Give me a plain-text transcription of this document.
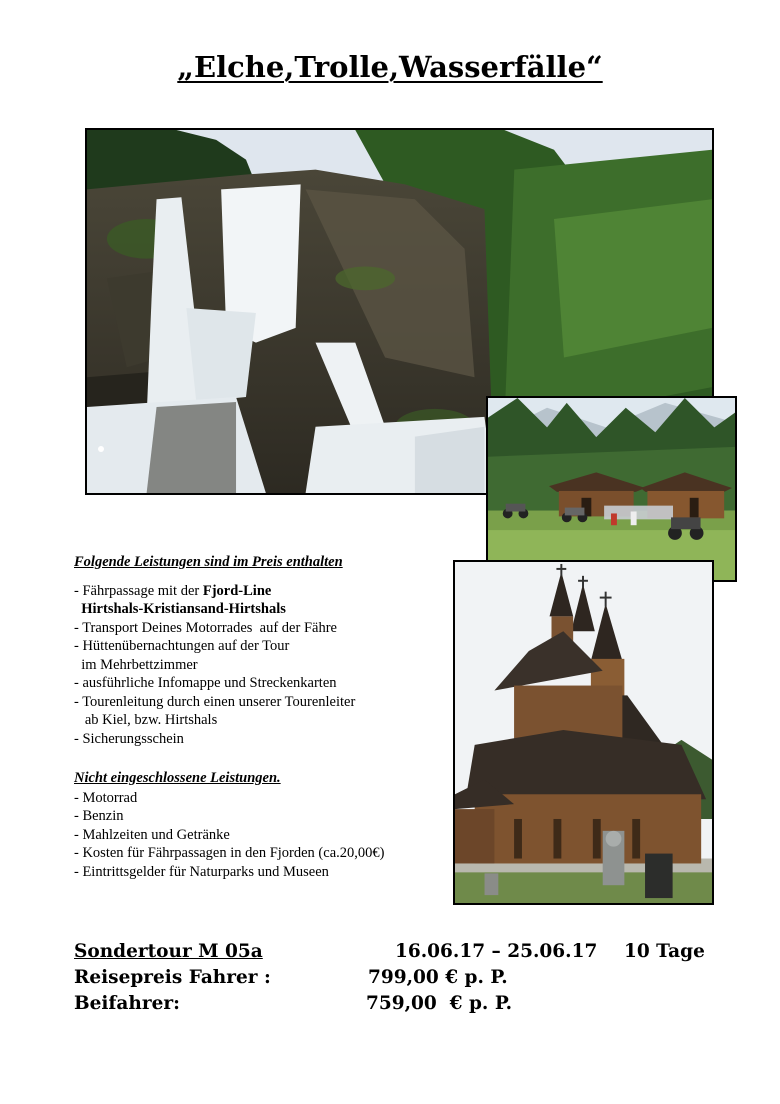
„Elche,Trolle,Wasserfälle“
Folgende Leistungen sind im Preis enthalten
- Fährpassage mit der Fjord-Line
Hirtshals-Kristiansand-Hirtshals
- Transport Deines Motorrades  auf der Fähre
- Hüttenübernachtungen auf der Tour
im Mehrbettzimmer
- ausführliche Infomappe und Streckenkarten
- Tourenleitung durch einen unserer Tourenleiter
ab Kiel, bzw. Hirtshals
- Sicherungsschein
Nicht eingeschlossene Leistungen.
- Motorrad
- Benzin
- Mahlzeiten und Getränke
- Kosten für Fährpassagen in den Fjorden (ca.20,00€)
- Eintrittsgelder für Naturparks und Museen
Sondertour M 05a	16.06.17 – 25.06.17 10 Tage
Reisepreis Fahrer :	799,00 € p. P.
Beifahrer:	759,00  € p. P.
